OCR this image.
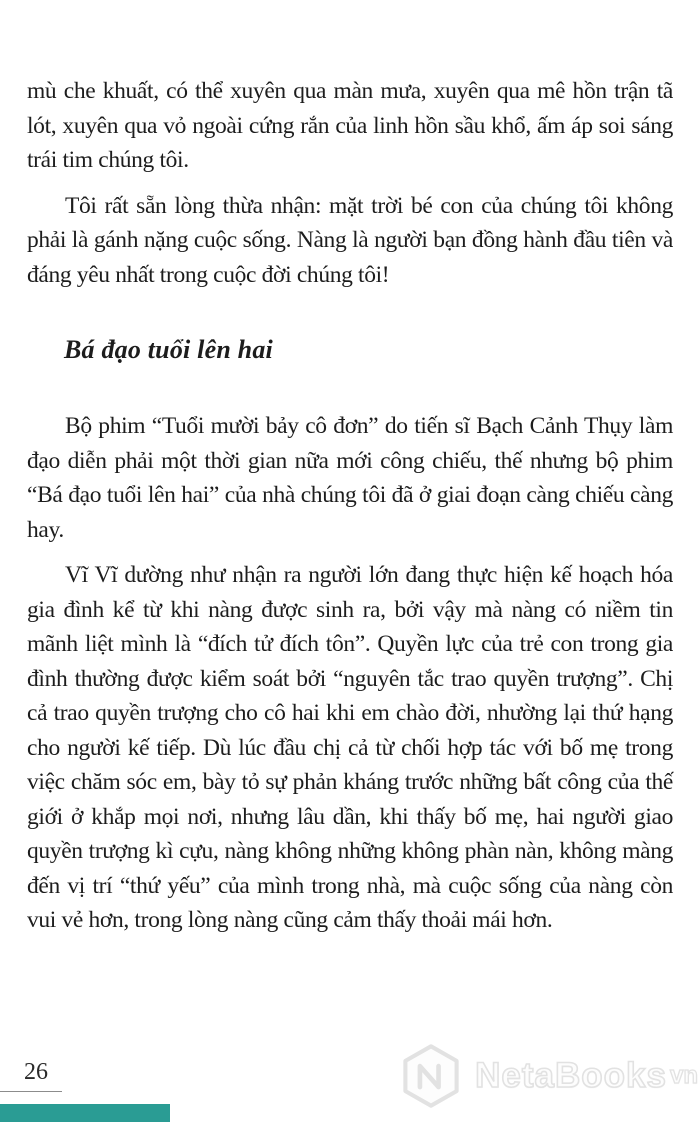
mù che khuất, có thể xuyên qua màn mưa, xuyên qua mê hồn trận tã lót, xuyên qua vỏ ngoài cứng rắn của linh hồn sầu khổ, ấm áp soi sáng trái tim chúng tôi.

Tôi rất sẵn lòng thừa nhận: mặt trời bé con của chúng tôi không phải là gánh nặng cuộc sống. Nàng là người bạn đồng hành đầu tiên và đáng yêu nhất trong cuộc đời chúng tôi!

Bá đạo tuổi lên hai

Bộ phim “Tuổi mười bảy cô đơn” do tiến sĩ Bạch Cảnh Thụy làm đạo diễn phải một thời gian nữa mới công chiếu, thế nhưng bộ phim “Bá đạo tuổi lên hai” của nhà chúng tôi đã ở giai đoạn càng chiếu càng hay.

Vĩ Vĩ dường như nhận ra người lớn đang thực hiện kế hoạch hóa gia đình kể từ khi nàng được sinh ra, bởi vậy mà nàng có niềm tin mãnh liệt mình là “đích tử đích tôn”. Quyền lực của trẻ con trong gia đình thường được kiểm soát bởi “nguyên tắc trao quyền trượng”. Chị cả trao quyền trượng cho cô hai khi em chào đời, nhường lại thứ hạng cho người kế tiếp. Dù lúc đầu chị cả từ chối hợp tác với bố mẹ trong việc chăm sóc em, bày tỏ sự phản kháng trước những bất công của thế giới ở khắp mọi nơi, nhưng lâu dần, khi thấy bố mẹ, hai người giao quyền trượng kì cựu, nàng không những không phàn nàn, không màng đến vị trí “thứ yếu” của mình trong nhà, mà cuộc sống của nàng còn vui vẻ hơn, trong lòng nàng cũng cảm thấy thoải mái hơn.

26	NetaBooks vn
